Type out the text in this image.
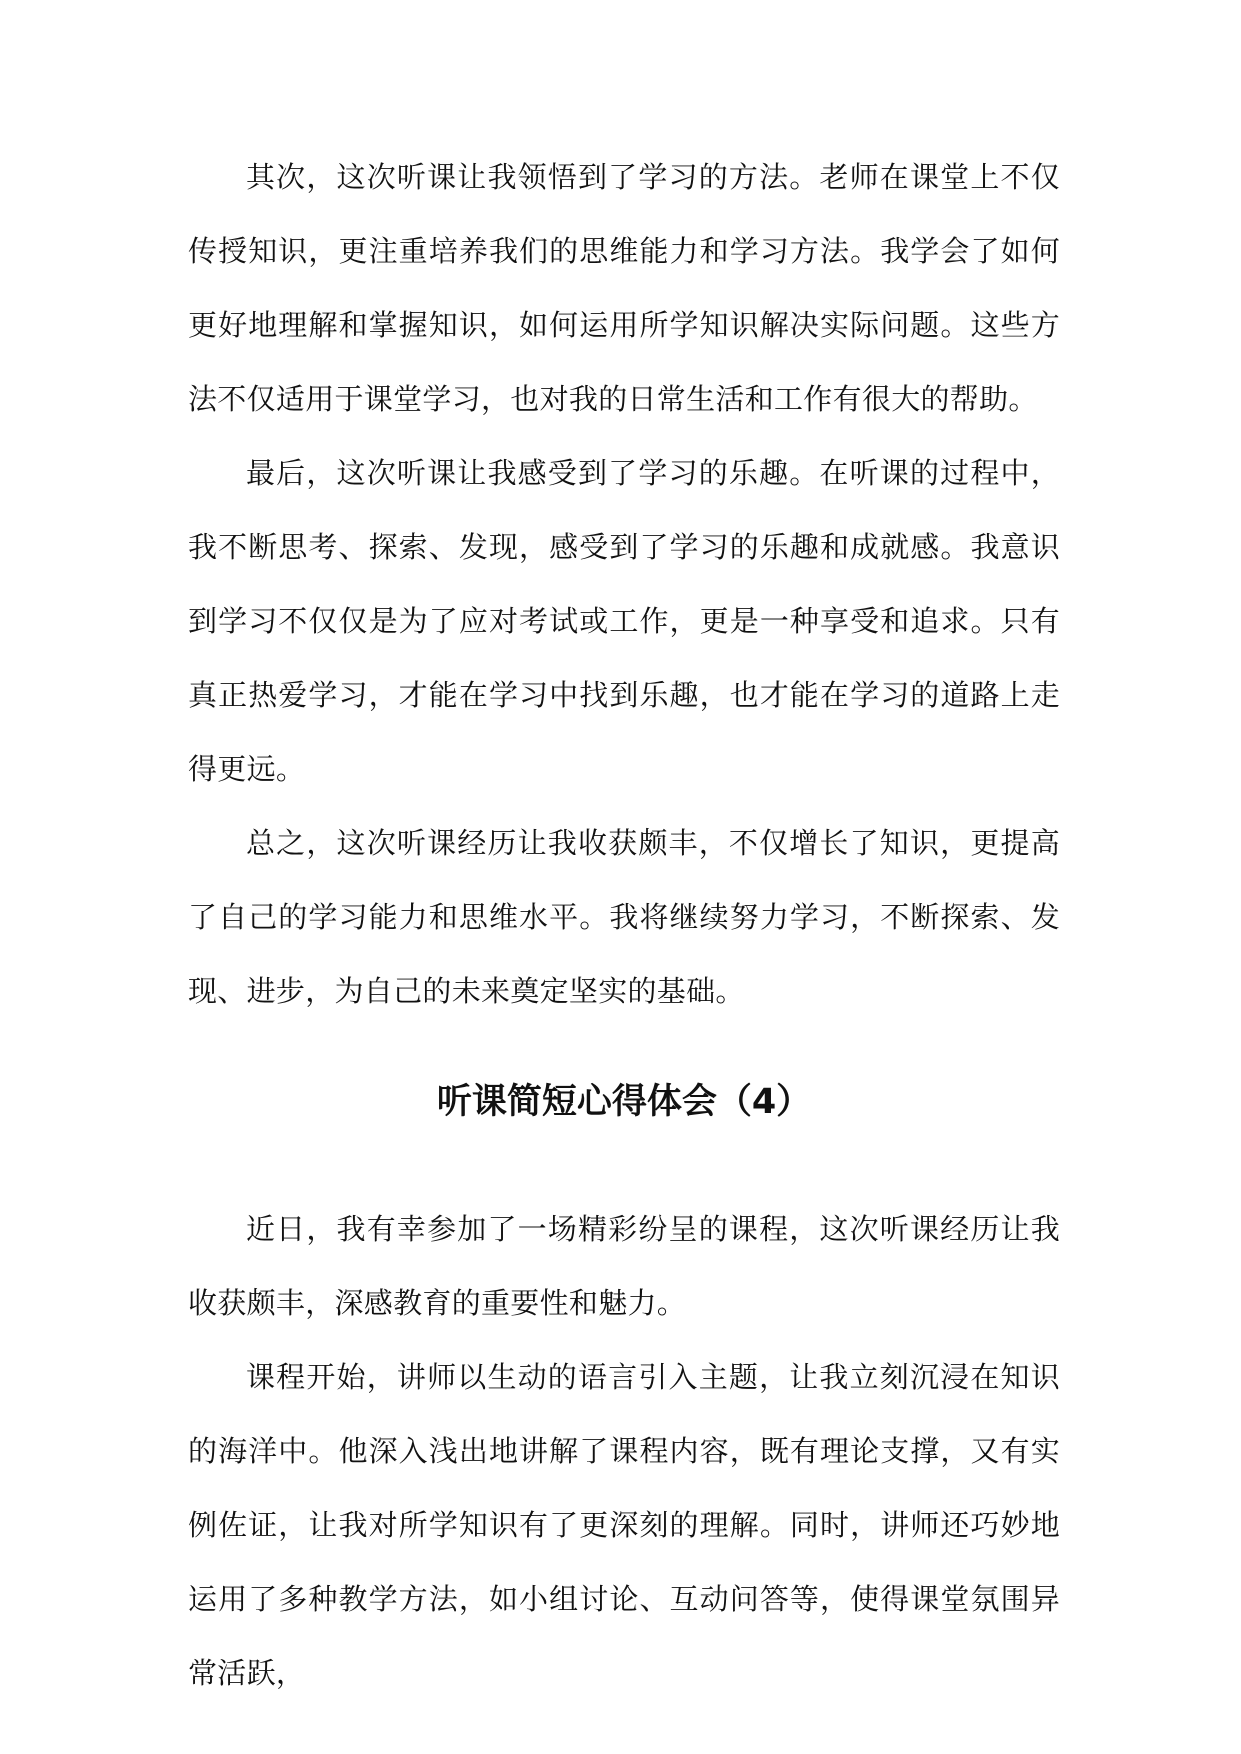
其次，这次听课让我领悟到了学习的方法。老师在课堂上不仅传授知识，更注重培养我们的思维能力和学习方法。我学会了如何更好地理解和掌握知识，如何运用所学知识解决实际问题。这些方法不仅适用于课堂学习，也对我的日常生活和工作有很大的帮助。

最后，这次听课让我感受到了学习的乐趣。在听课的过程中，我不断思考、探索、发现，感受到了学习的乐趣和成就感。我意识到学习不仅仅是为了应对考试或工作，更是一种享受和追求。只有真正热爱学习，才能在学习中找到乐趣，也才能在学习的道路上走得更远。

总之，这次听课经历让我收获颇丰，不仅增长了知识，更提高了自己的学习能力和思维水平。我将继续努力学习，不断探索、发现、进步，为自己的未来奠定坚实的基础。

听课简短心得体会（4）

近日，我有幸参加了一场精彩纷呈的课程，这次听课经历让我收获颇丰，深感教育的重要性和魅力。

课程开始，讲师以生动的语言引入主题，让我立刻沉浸在知识的海洋中。他深入浅出地讲解了课程内容，既有理论支撑，又有实例佐证，让我对所学知识有了更深刻的理解。同时，讲师还巧妙地运用了多种教学方法，如小组讨论、互动问答等，使得课堂氛围异常活跃，
